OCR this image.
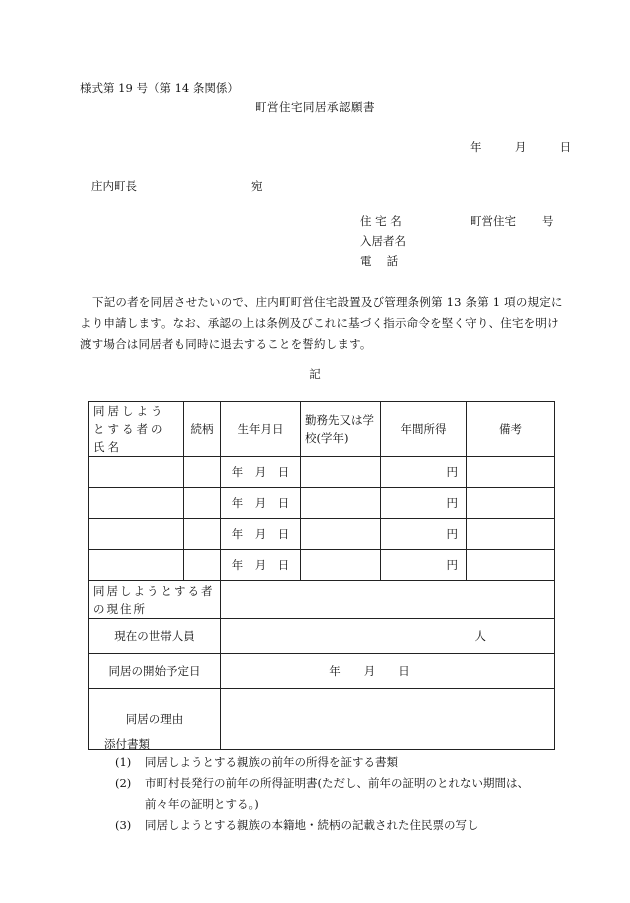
様式第 19 号（第 14 条関係）
町営住宅同居承認願書
年	月	日
庄内町長	宛
住 宅 名	町営住宅 号
入居者名
電　 話
下記の者を同居させたいので、庄内町町営住宅設置及び管理条例第 13 条第 1 項の規定により申請します。なお、承認の上は条例及びこれに基づく指示命令を堅く守り、住宅を明け渡す場合は同居者も同時に退去することを誓約します。
記
同居しようとする者の氏名	続柄	生年月日	勤務先又は学校(学年)	年間所得	備考
		年　月　日		円	
		年　月　日		円	
		年　月　日		円	
		年　月　日		円	
同居しようとする者の現住所					
現在の世帯人員		人			
同居の開始予定日		年　　月　　日			
同居の理由					
添付書類
(1) 同居しようとする親族の前年の所得を証する書類
(2) 市町村長発行の前年の所得証明書(ただし、前年の証明のとれない期間は、
前々年の証明とする。)
(3) 同居しようとする親族の本籍地・続柄の記載された住民票の写し
